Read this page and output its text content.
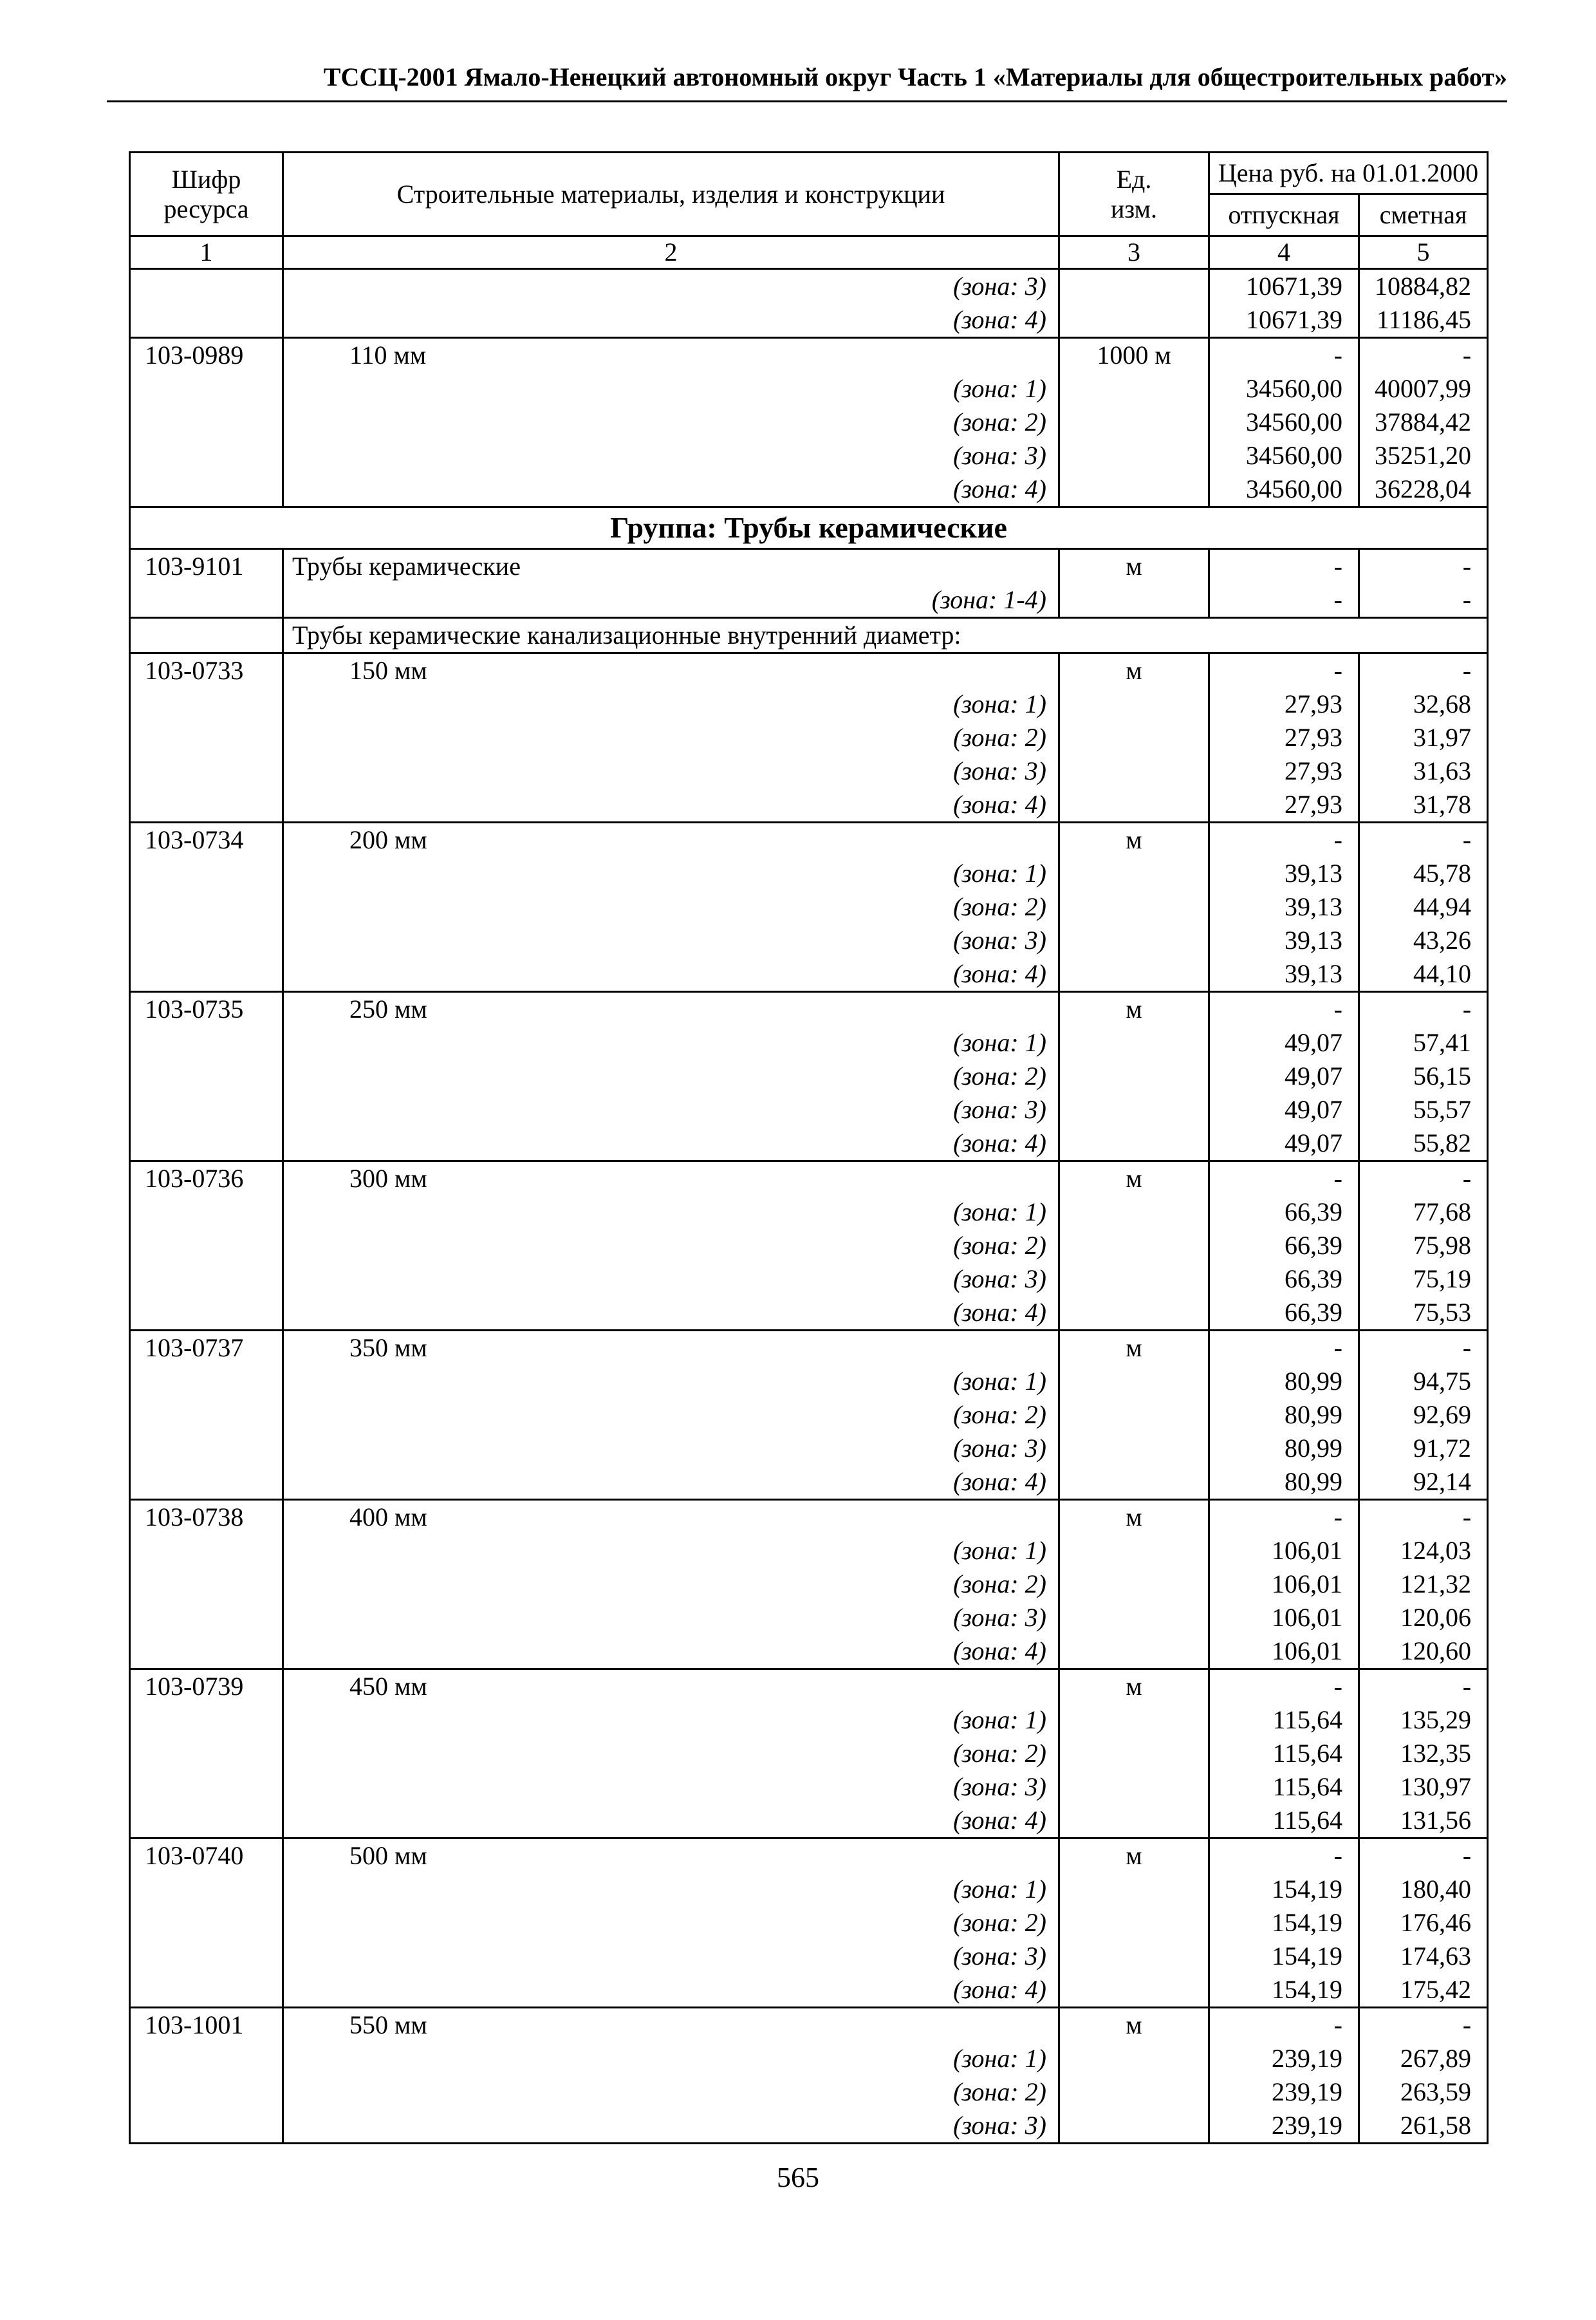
ТССЦ-2001 Ямало-Ненецкий автономный округ Часть 1 «Материалы для общестроительных работ»
Шифр
ресурса	Строительные материалы, изделия и конструкции	Ед.
изм.	Цена руб. на 01.01.2000	
			отпускная	сметная
1	2	3	4	5
	(зона: 3)		10671,39	10884,82
	(зона: 4)		10671,39	11186,45
103-0989	110 мм	1000 м	-	-
	(зона: 1)		34560,00	40007,99
	(зона: 2)		34560,00	37884,42
	(зона: 3)		34560,00	35251,20
	(зона: 4)		34560,00	36228,04
Группа: Трубы керамические				
103-9101	Трубы керамические	м	-	-
	(зона: 1-4)		-	-
	Трубы керамические канализационные внутренний диаметр:			
103-0733	150 мм	м	-	-
	(зона: 1)		27,93	32,68
	(зона: 2)		27,93	31,97
	(зона: 3)		27,93	31,63
	(зона: 4)		27,93	31,78
103-0734	200 мм	м	-	-
	(зона: 1)		39,13	45,78
	(зона: 2)		39,13	44,94
	(зона: 3)		39,13	43,26
	(зона: 4)		39,13	44,10
103-0735	250 мм	м	-	-
	(зона: 1)		49,07	57,41
	(зона: 2)		49,07	56,15
	(зона: 3)		49,07	55,57
	(зона: 4)		49,07	55,82
103-0736	300 мм	м	-	-
	(зона: 1)		66,39	77,68
	(зона: 2)		66,39	75,98
	(зона: 3)		66,39	75,19
	(зона: 4)		66,39	75,53
103-0737	350 мм	м	-	-
	(зона: 1)		80,99	94,75
	(зона: 2)		80,99	92,69
	(зона: 3)		80,99	91,72
	(зона: 4)		80,99	92,14
103-0738	400 мм	м	-	-
	(зона: 1)		106,01	124,03
	(зона: 2)		106,01	121,32
	(зона: 3)		106,01	120,06
	(зона: 4)		106,01	120,60
103-0739	450 мм	м	-	-
	(зона: 1)		115,64	135,29
	(зона: 2)		115,64	132,35
	(зона: 3)		115,64	130,97
	(зона: 4)		115,64	131,56
103-0740	500 мм	м	-	-
	(зона: 1)		154,19	180,40
	(зона: 2)		154,19	176,46
	(зона: 3)		154,19	174,63
	(зона: 4)		154,19	175,42
103-1001	550 мм	м	-	-
	(зона: 1)		239,19	267,89
	(зона: 2)		239,19	263,59
	(зона: 3)		239,19	261,58
565
